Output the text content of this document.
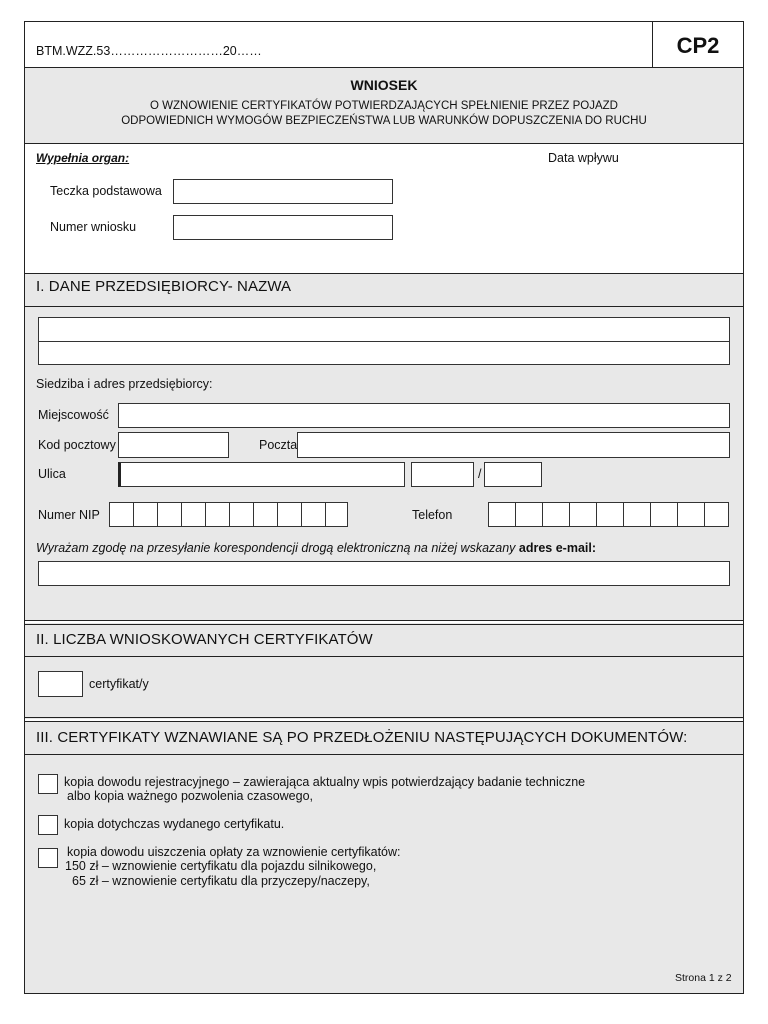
BTM.WZZ.53………………………20……	CP2
WNIOSEK
O WZNOWIENIE CERTYFIKATÓW POTWIERDZAJĄCYCH SPEŁNIENIE PRZEZ POJAZD
ODPOWIEDNICH WYMOGÓW BEZPIECZEŃSTWA LUB WARUNKÓW DOPUSZCZENIA DO RUCHU
Wypełnia organ:	Data wpływu
Teczka podstawowa
Numer wniosku
I. DANE PRZEDSIĘBIORCY- NAZWA
Siedziba i adres przedsiębiorcy:
Miejscowość
Kod pocztowy	Poczta
Ulica	/
Numer NIP	Telefon
Wyrażam zgodę na przesyłanie korespondencji drogą elektroniczną na niżej wskazany adres e-mail:
II. LICZBA WNIOSKOWANYCH CERTYFIKATÓW
certyfikat/y
III. CERTYFIKATY WZNAWIANE SĄ PO PRZEDŁOŻENIU NASTĘPUJĄCYCH DOKUMENTÓW:
kopia dowodu rejestracyjnego – zawierająca aktualny wpis potwierdzający badanie techniczne
albo kopia ważnego pozwolenia czasowego,
kopia dotychczas wydanego certyfikatu.
kopia dowodu uiszczenia opłaty za wznowienie certyfikatów:
150 zł – wznowienie certyfikatu dla pojazdu silnikowego,
65 zł – wznowienie certyfikatu dla przyczepy/naczepy,
Strona 1 z 2
